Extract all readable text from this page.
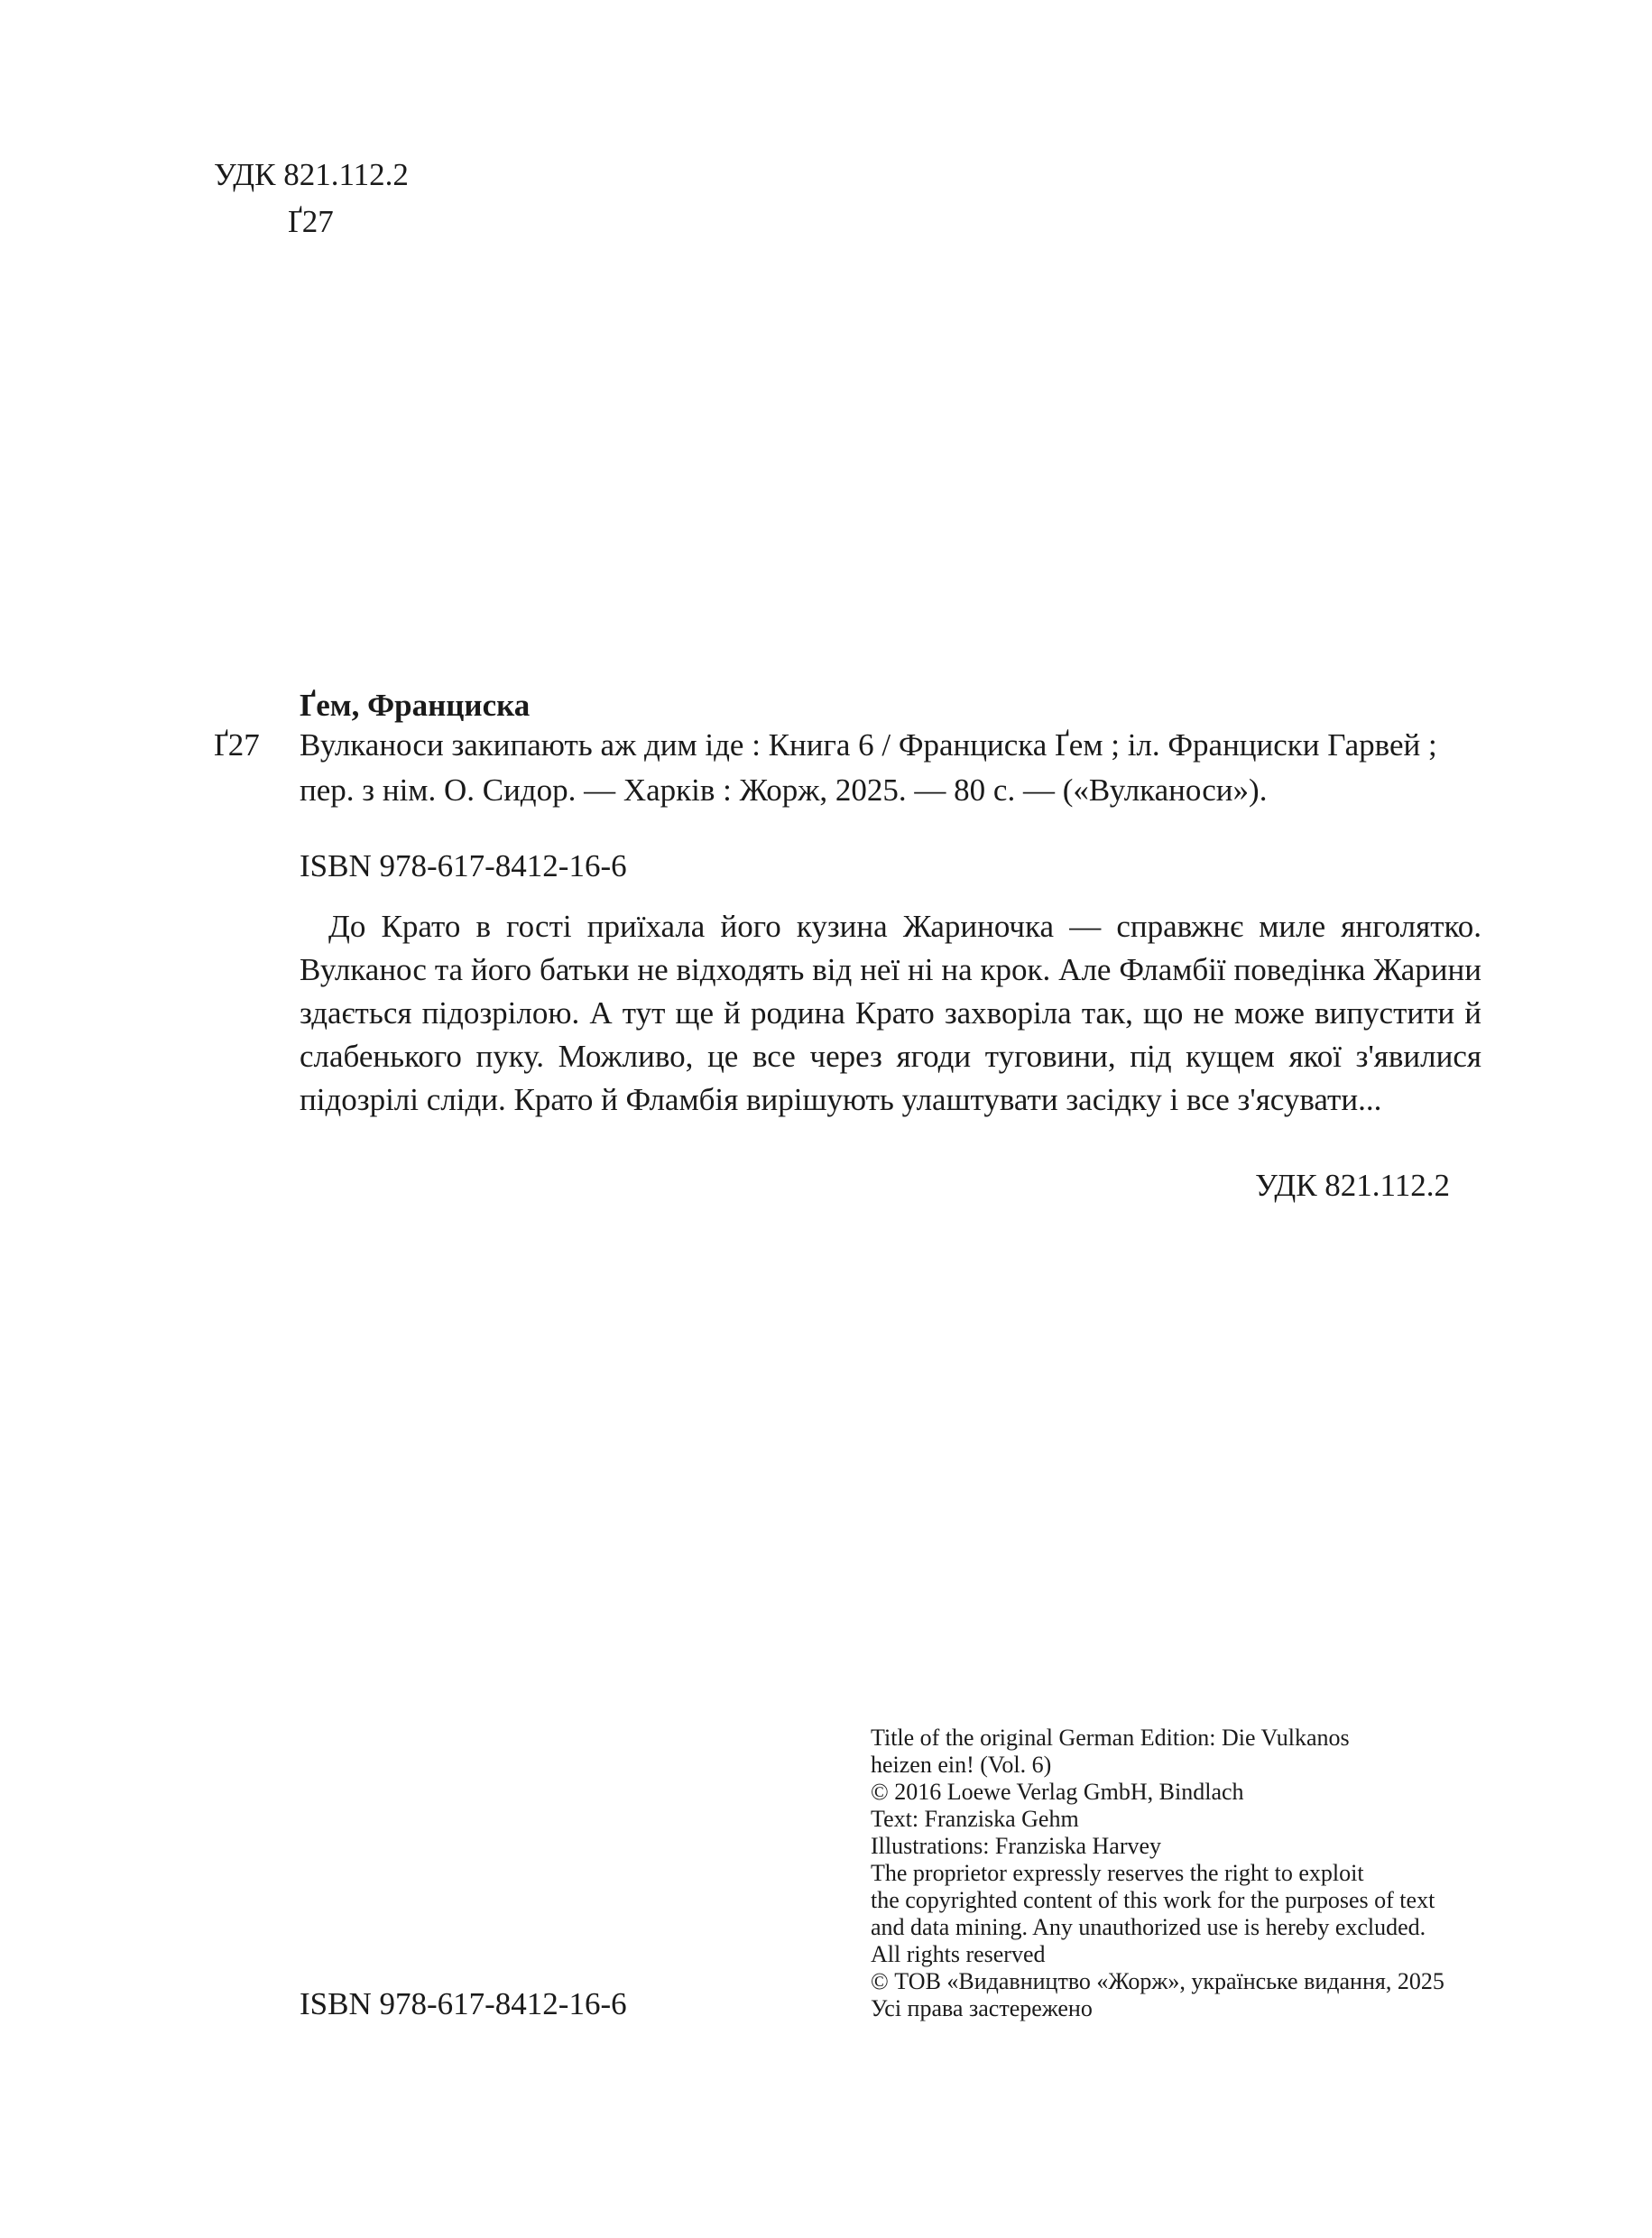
УДК 821.112.2
Ґ27
Ґем, Франциска
Ґ27 Вулканоси закипають аж дим іде : Книга 6 / Франциска Ґем ; іл. Франциски Гарвей ;
пер. з нім. О. Сидор. — Харків : Жорж, 2025. — 80 с. — («Вулканоси»).
ISBN 978-617-8412-16-6
До Крато в гості приїхала його кузина Жариночка — справжнє миле янголятко. Вулканос та його батьки не відходять від неї ні на крок. Але Фламбії поведінка Жарини здається підозрілою. А тут ще й родина Крато захворіла так, що не може випустити й слабенького пуку. Можливо, це все через ягоди туговини, під кущем якої з'явилися підозрілі сліди. Крато й Фламбія вирішують улаштувати засідку і все з'ясувати...
УДК 821.112.2
ISBN 978-617-8412-16-6
Title of the original German Edition: Die Vulkanos
heizen ein! (Vol. 6)
© 2016 Loewe Verlag GmbH, Bindlach
Text: Franziska Gehm
Illustrations: Franziska Harvey
The proprietor expressly reserves the right to exploit
the copyrighted content of this work for the purposes of text
and data mining. Any unauthorized use is hereby excluded.
All rights reserved
© ТОВ «Видавництво «Жорж», українське видання, 2025
Усі права застережено
